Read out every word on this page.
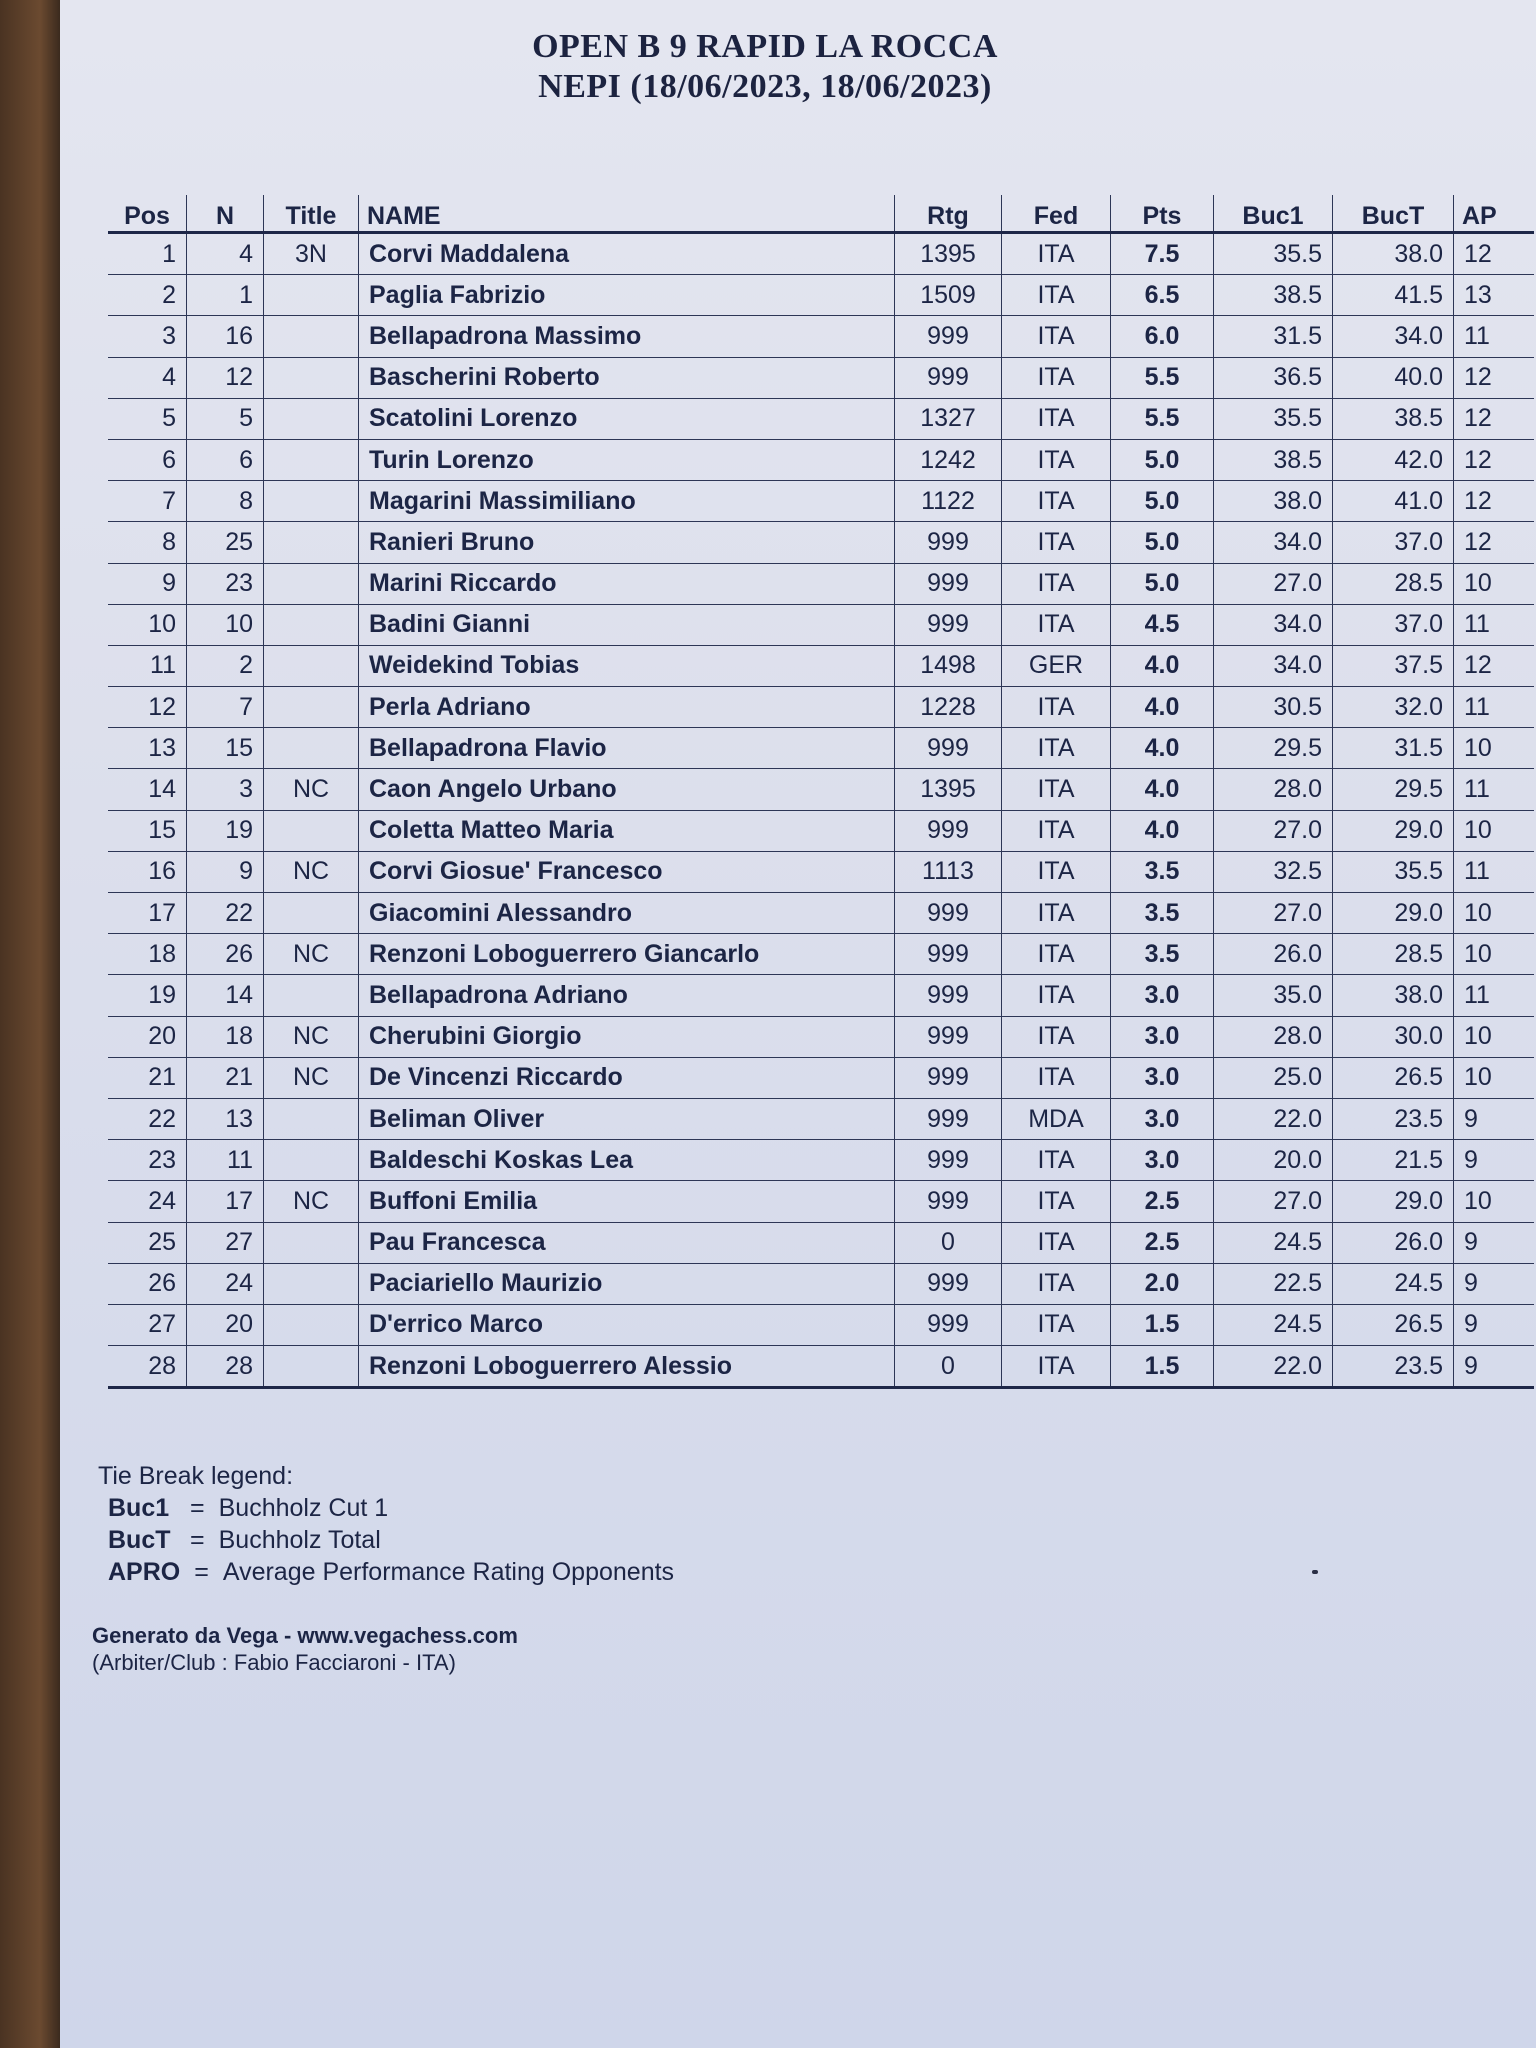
OPEN B 9 RAPID LA ROCCA
NEPI (18/06/2023, 18/06/2023)
Pos	N	Title	NAME	Rtg	Fed	Pts	Buc1	BucT	AP
1	4	3N	Corvi Maddalena	1395	ITA	7.5	35.5	38.0	12
2	1		Paglia Fabrizio	1509	ITA	6.5	38.5	41.5	13
3	16		Bellapadrona Massimo	999	ITA	6.0	31.5	34.0	11
4	12		Bascherini Roberto	999	ITA	5.5	36.5	40.0	12
5	5		Scatolini Lorenzo	1327	ITA	5.5	35.5	38.5	12
6	6		Turin Lorenzo	1242	ITA	5.0	38.5	42.0	12
7	8		Magarini Massimiliano	1122	ITA	5.0	38.0	41.0	12
8	25		Ranieri Bruno	999	ITA	5.0	34.0	37.0	12
9	23		Marini Riccardo	999	ITA	5.0	27.0	28.5	10
10	10		Badini Gianni	999	ITA	4.5	34.0	37.0	11
11	2		Weidekind Tobias	1498	GER	4.0	34.0	37.5	12
12	7		Perla Adriano	1228	ITA	4.0	30.5	32.0	11
13	15		Bellapadrona Flavio	999	ITA	4.0	29.5	31.5	10
14	3	NC	Caon Angelo Urbano	1395	ITA	4.0	28.0	29.5	11
15	19		Coletta Matteo Maria	999	ITA	4.0	27.0	29.0	10
16	9	NC	Corvi Giosue' Francesco	1113	ITA	3.5	32.5	35.5	11
17	22		Giacomini Alessandro	999	ITA	3.5	27.0	29.0	10
18	26	NC	Renzoni Loboguerrero Giancarlo	999	ITA	3.5	26.0	28.5	10
19	14		Bellapadrona Adriano	999	ITA	3.0	35.0	38.0	11
20	18	NC	Cherubini Giorgio	999	ITA	3.0	28.0	30.0	10
21	21	NC	De Vincenzi Riccardo	999	ITA	3.0	25.0	26.5	10
22	13		Beliman Oliver	999	MDA	3.0	22.0	23.5	9
23	11		Baldeschi Koskas Lea	999	ITA	3.0	20.0	21.5	9
24	17	NC	Buffoni Emilia	999	ITA	2.5	27.0	29.0	10
25	27		Pau Francesca	0	ITA	2.5	24.5	26.0	9
26	24		Paciariello Maurizio	999	ITA	2.0	22.5	24.5	9
27	20		D'errico Marco	999	ITA	1.5	24.5	26.5	9
28	28		Renzoni Loboguerrero Alessio	0	ITA	1.5	22.0	23.5	9
Tie Break legend:
Buc1 = Buchholz Cut 1
BucT = Buchholz Total
APRO = Average Performance Rating Opponents
Generato da Vega - www.vegachess.com
(Arbiter/Club : Fabio Facciaroni - ITA)
